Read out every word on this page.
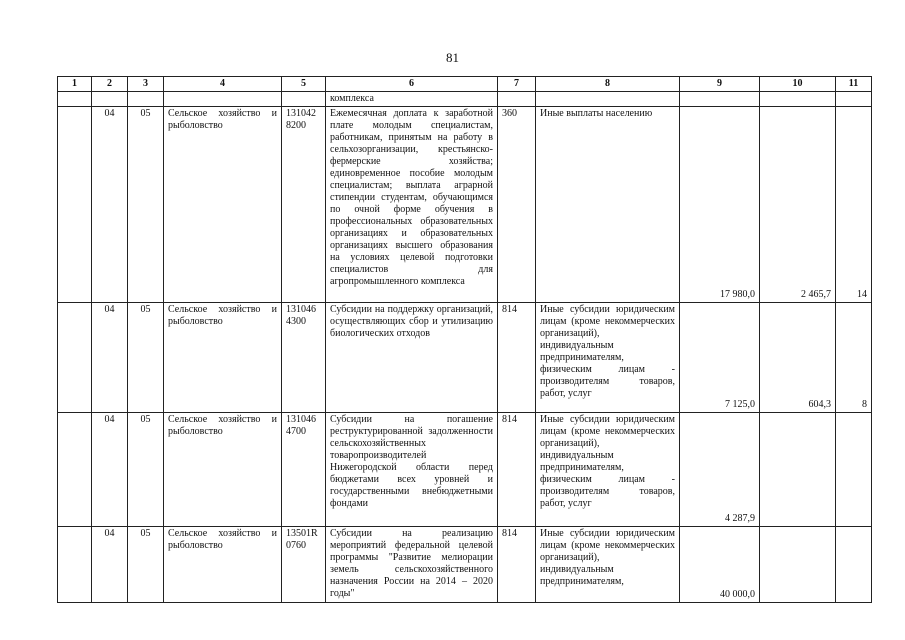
81
1	2	3	4	5	6	7	8	9	10	11
					комплекса					
	04	05	Сельское хозяйство и рыболовство	131042 8200	Ежемесячная доплата к заработной плате молодым специалистам, работникам, принятым на работу в сельхозорганизации, крестьянско-фермерские хозяйства; единовременное пособие молодым специалистам; выплата аграрной стипендии студентам, обучающимся по очной форме обучения в профессиональных образовательных организациях и образовательных организациях высшего образования на условиях целевой подготовки специалистов для агропромышленного комплекса	360	Иные выплаты населению	17 980,0	2 465,7	14
	04	05	Сельское хозяйство и рыболовство	131046 4300	Субсидии на поддержку организаций, осуществляющих сбор и утилизацию биологических отходов	814	Иные субсидии юридическим лицам (кроме некоммерческих организаций), индивидуальным предпринимателям, физическим лицам - производителям товаров, работ, услуг	7 125,0	604,3	8
	04	05	Сельское хозяйство и рыболовство	131046 4700	Субсидии на погашение реструктурированной задолженности сельскохозяйственных товаропроизводителей Нижегородской области перед бюджетами всех уровней и государственными внебюджетными фондами	814	Иные субсидии юридическим лицам (кроме некоммерческих организаций), индивидуальным предпринимателям, физическим лицам - производителям товаров, работ, услуг	4 287,9		
	04	05	Сельское хозяйство и рыболовство	13501R 0760	Субсидии на реализацию мероприятий федеральной целевой программы "Развитие мелиорации земель сельскохозяйственного назначения России на 2014 – 2020 годы"	814	Иные субсидии юридическим лицам (кроме некоммерческих организаций), индивидуальным предпринимателям,	40 000,0		
